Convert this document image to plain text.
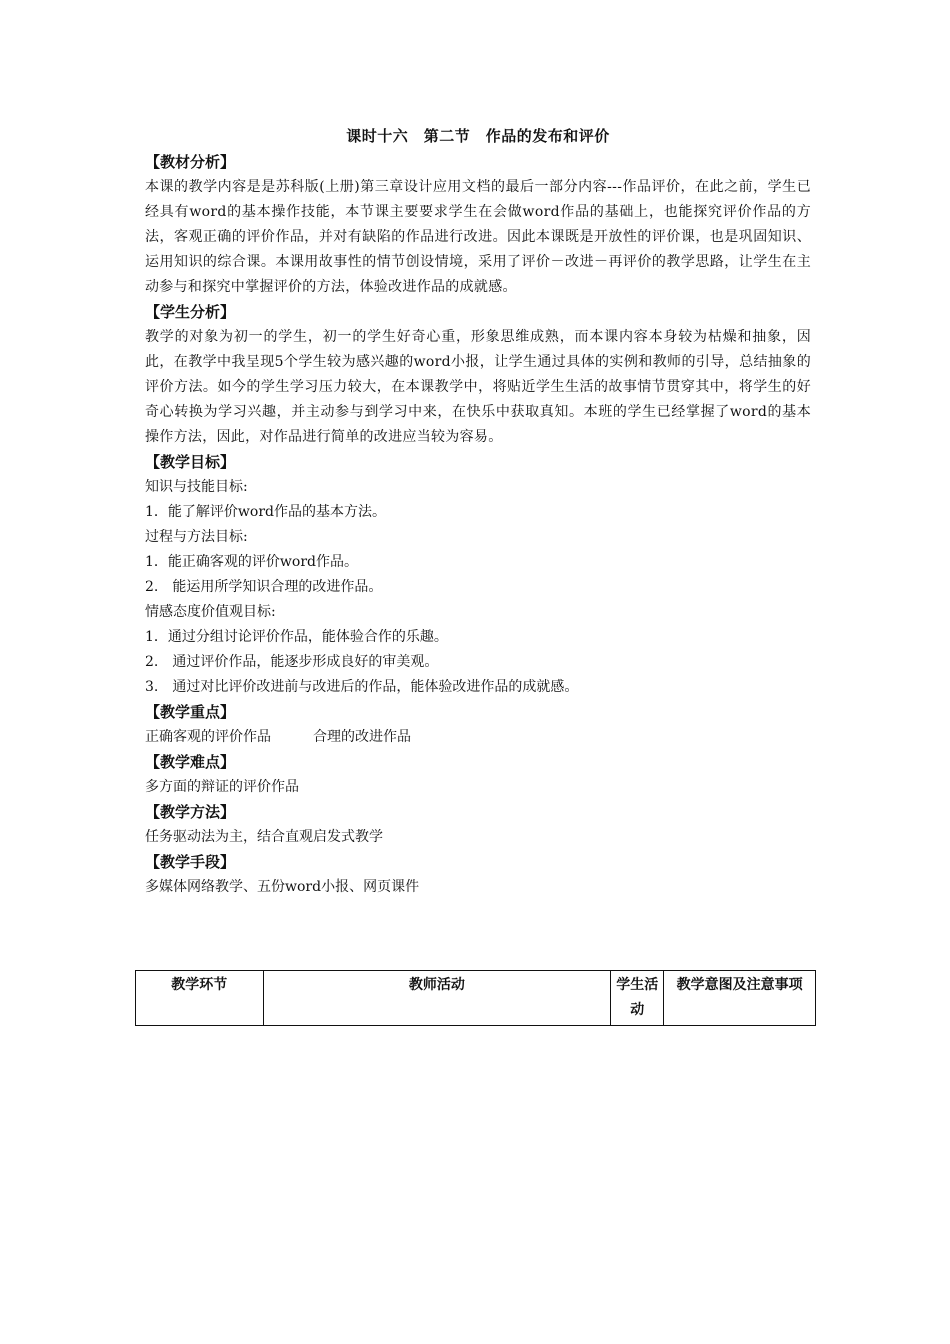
课时十六　第二节　作品的发布和评价
【教材分析】
本课的教学内容是是苏科版(上册)第三章设计应用文档的最后一部分内容---作品评价，在此之前，学生已经具有word的基本操作技能，本节课主要要求学生在会做word作品的基础上，也能探究评价作品的方法，客观正确的评价作品，并对有缺陷的作品进行改进。因此本课既是开放性的评价课，也是巩固知识、运用知识的综合课。本课用故事性的情节创设情境，采用了评价－改进－再评价的教学思路，让学生在主动参与和探究中掌握评价的方法，体验改进作品的成就感。
【学生分析】
教学的对象为初一的学生，初一的学生好奇心重，形象思维成熟，而本课内容本身较为枯燥和抽象，因此，在教学中我呈现5个学生较为感兴趣的word小报，让学生通过具体的实例和教师的引导，总结抽象的评价方法。如今的学生学习压力较大，在本课教学中，将贴近学生生活的故事情节贯穿其中，将学生的好奇心转换为学习兴趣，并主动参与到学习中来，在快乐中获取真知。本班的学生已经掌握了word的基本操作方法，因此，对作品进行简单的改进应当较为容易。
【教学目标】
知识与技能目标:
1．能了解评价word作品的基本方法。
过程与方法目标:
1．能正确客观的评价word作品。
2.　能运用所学知识合理的改进作品。
情感态度价值观目标:
1．通过分组讨论评价作品，能体验合作的乐趣。
2.　通过评价作品，能逐步形成良好的审美观。
3.　通过对比评价改进前与改进后的作品，能体验改进作品的成就感。
【教学重点】
正确客观的评价作品　　　合理的改进作品
【教学难点】
多方面的辩证的评价作品
【教学方法】
任务驱动法为主，结合直观启发式教学
【教学手段】
多媒体网络教学、五份word小报、网页课件
教学环节	教师活动	学生活动	教学意图及注意事项
